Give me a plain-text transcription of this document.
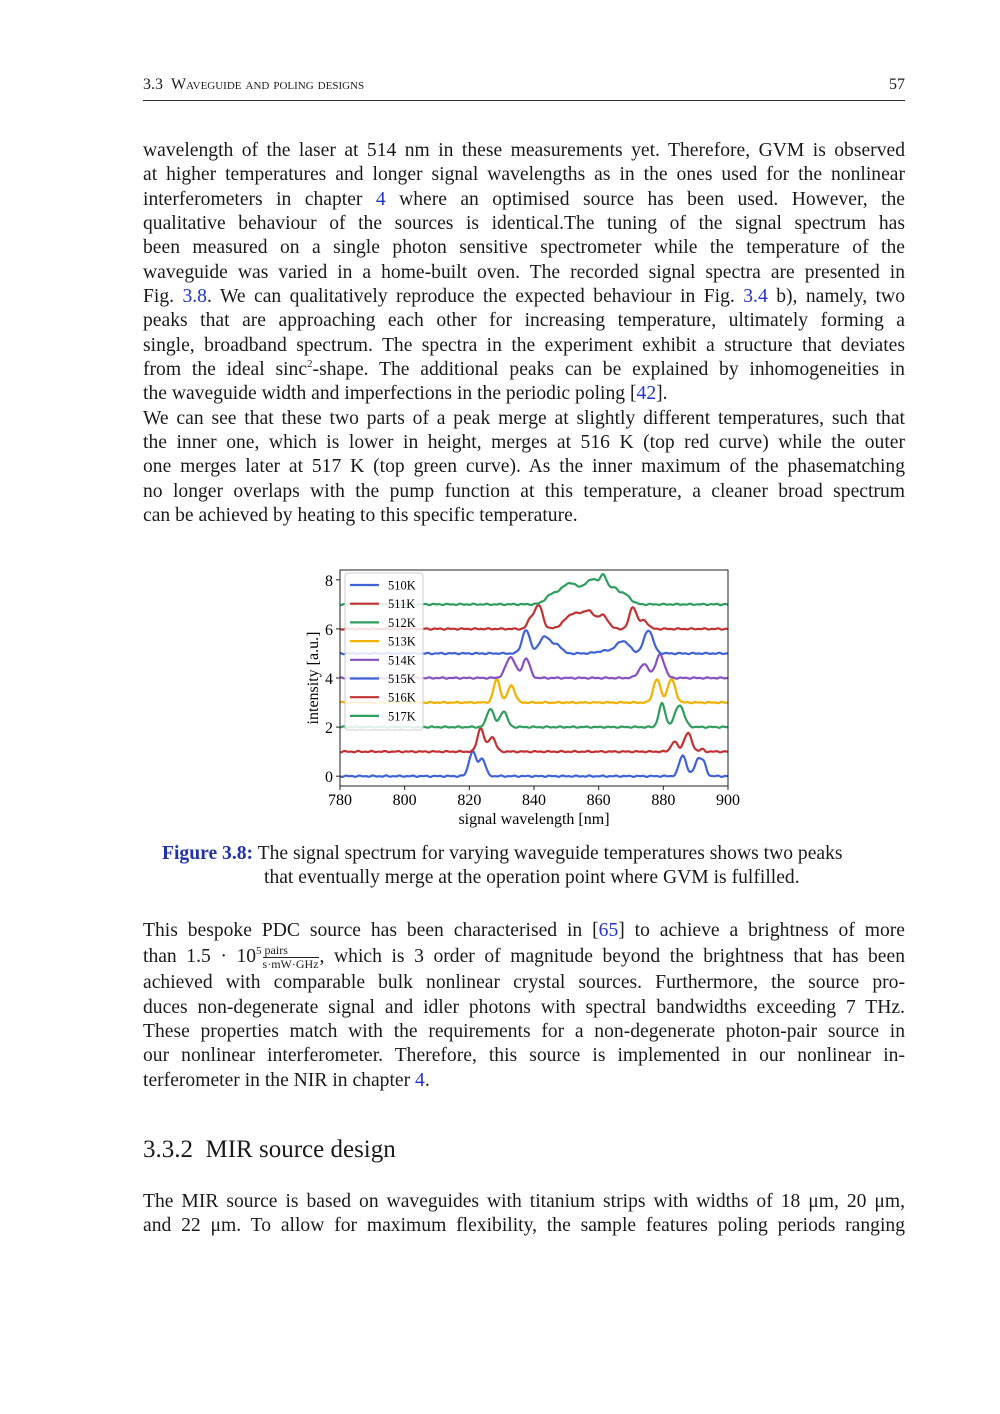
3.3 Waveguide and poling designs	57
wavelength of the laser at 514 nm in these measurements yet. Therefore, GVM is observed
at higher temperatures and longer signal wavelengths as in the ones used for the nonlinear
interferometers in chapter 4 where an optimised source has been used. However, the
qualitative behaviour of the sources is identical.The tuning of the signal spectrum has
been measured on a single photon sensitive spectrometer while the temperature of the
waveguide was varied in a home-built oven. The recorded signal spectra are presented in
Fig. 3.8. We can qualitatively reproduce the expected behaviour in Fig. 3.4 b), namely, two
peaks that are approaching each other for increasing temperature, ultimately forming a
single, broadband spectrum. The spectra in the experiment exhibit a structure that deviates
from the ideal sinc$^2$-shape. The additional peaks can be explained by inhomogeneities in
the waveguide width and imperfections in the periodic poling [42].
We can see that these two parts of a peak merge at slightly different temperatures, such that
the inner one, which is lower in height, merges at 516 K (top red curve) while the outer
one merges later at 517 K (top green curve). As the inner maximum of the phasematching
no longer overlaps with the pump function at this temperature, a cleaner broad spectrum
can be achieved by heating to this specific temperature.
780	800	820	840	860	880	900
0
2
4
6
8
signal wavelength [nm]
intensity [a.u.]
510K
511K
512K
513K
514K
515K
516K
517K
Figure 3.8: The signal spectrum for varying waveguide temperatures shows two peaks
that eventually merge at the operation point where GVM is fulfilled.
This bespoke PDC source has been characterised in [65] to achieve a brightness of more
than $1.5 \cdot 10^5 \frac{\text{pairs}}{\text{s·mW·GHz}}$ , which is 3 order of magnitude beyond the brightness that has been
achieved with comparable bulk nonlinear crystal sources. Furthermore, the source pro-
duces non-degenerate signal and idler photons with spectral bandwidths exceeding 7 THz.
These properties match with the requirements for a non-degenerate photon-pair source in
our nonlinear interferometer. Therefore, this source is implemented in our nonlinear in-
terferometer in the NIR in chapter 4.
3.3.2 MIR source design
The MIR source is based on waveguides with titanium strips with widths of 18 μm, 20 μm,
and 22 μm. To allow for maximum flexibility, the sample features poling periods ranging
